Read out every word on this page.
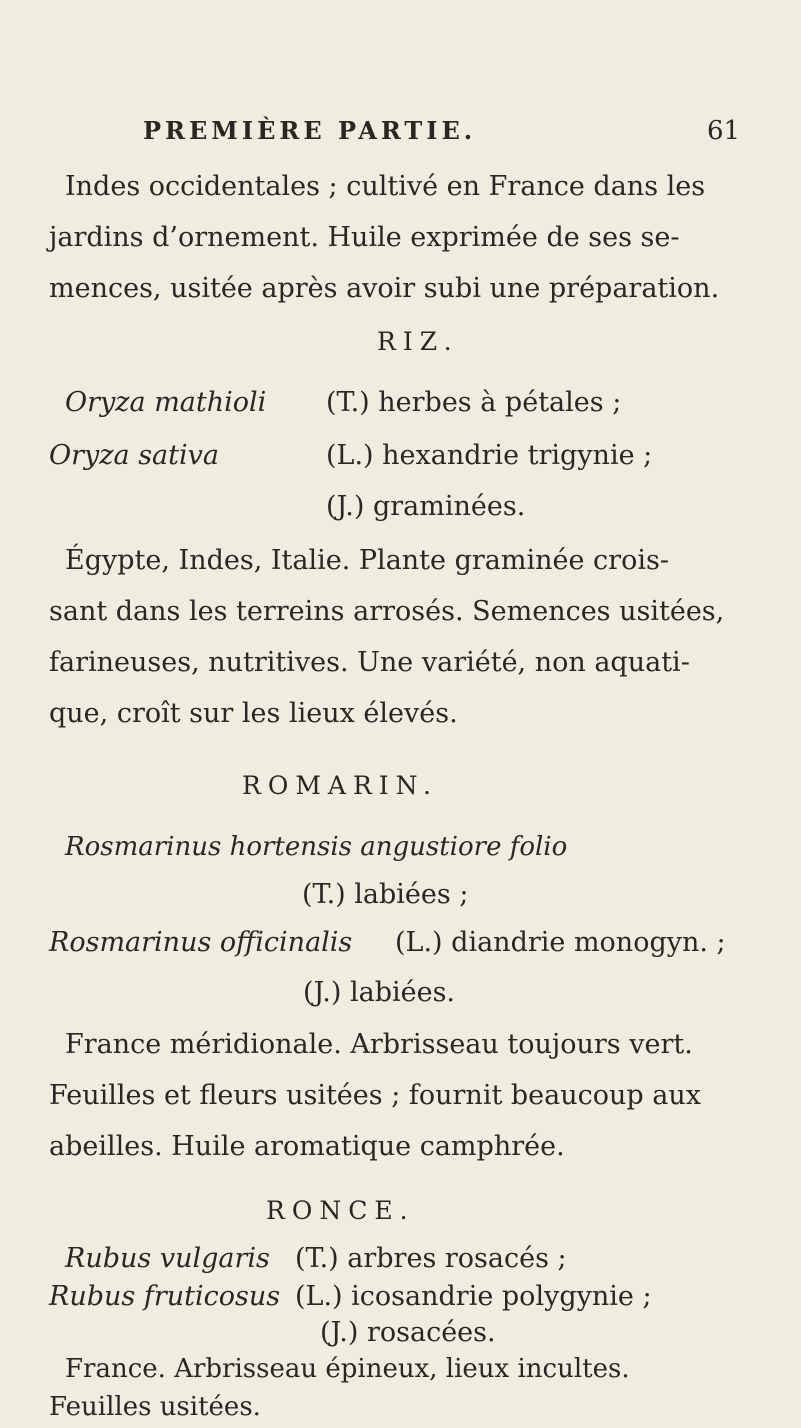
PREMIÈRE PARTIE.	61
Indes occidentales ; cultivé en France dans les
jardins d’ornement. Huile exprimée de ses se-
mences, usitée après avoir subi une préparation.
RIZ.
Oryza mathioli (T.) herbes à pétales ;
Oryza sativa	(L.) hexandrie trigynie ;
(J.) graminées.
Égypte, Indes, Italie. Plante graminée crois-
sant dans les terreins arrosés. Semences usitées,
farineuses, nutritives. Une variété, non aquati-
que, croît sur les lieux élevés.
ROMARIN.
Rosmarinus hortensis angustiore folio
(T.) labiées ;
Rosmarinus officinalis (L.) diandrie monogyn. ;
(J.) labiées.
France méridionale. Arbrisseau toujours vert.
Feuilles et fleurs usitées ; fournit beaucoup aux
abeilles. Huile aromatique camphrée.
RONCE.
Rubus vulgaris (T.) arbres rosacés ;
Rubus fruticosus (L.) icosandrie polygynie ;
(J.) rosacées.
France. Arbrisseau épineux, lieux incultes.
Feuilles usitées.
